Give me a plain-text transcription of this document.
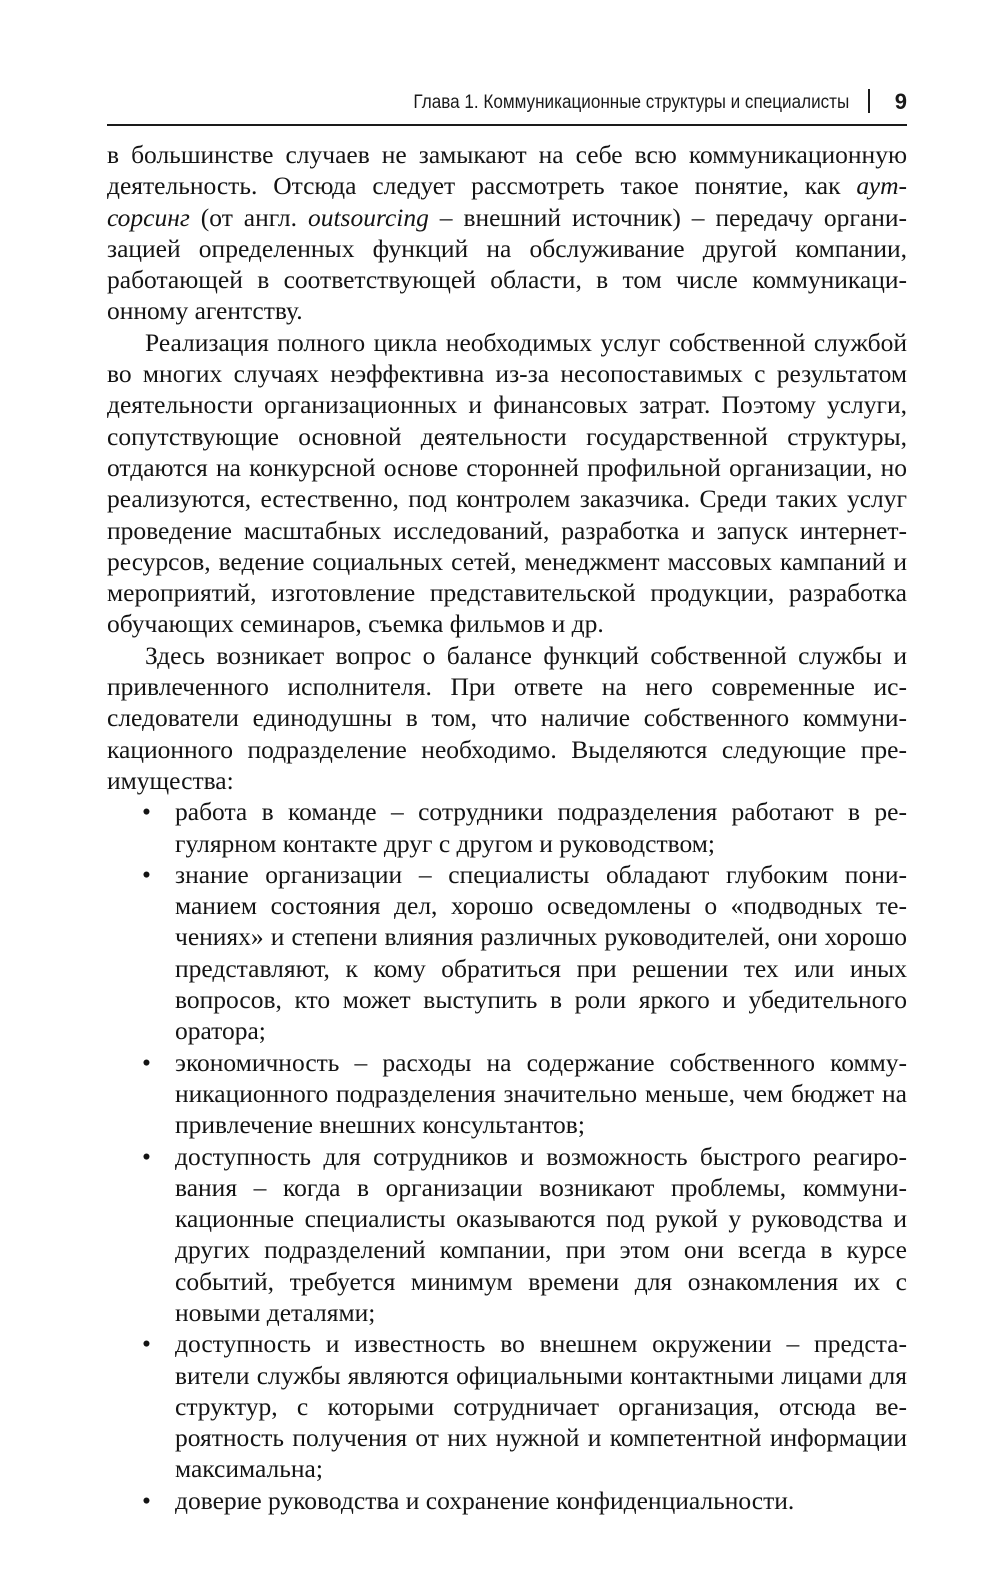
Глава 1. Коммуникационные структуры и специалисты 9

в большинстве случаев не замыкают на себе всю коммуникационную деятельность. Отсюда следует рассмотреть такое понятие, как аутсорсинг (от англ. outsourcing – внешний источник) – передачу организацией определенных функций на обслуживание другой компании, работающей в соответствующей области, в том числе коммуникационному агентству.

Реализация полного цикла необходимых услуг собственной службой во многих случаях неэффективна из-за несопоставимых с результатом деятельности организационных и финансовых затрат. Поэтому услуги, сопутствующие основной деятельности государственной структуры, отдаются на конкурсной основе сторонней профильной организации, но реализуются, естественно, под контролем заказчика. Среди таких услуг проведение масштабных исследований, разработка и запуск интернет-ресурсов, ведение социальных сетей, менеджмент массовых кампаний и мероприятий, изготовление представительской продукции, разработка обучающих семинаров, съемка фильмов и др.

Здесь возникает вопрос о балансе функций собственной службы и привлеченного исполнителя. При ответе на него современные исследователи единодушны в том, что наличие собственного коммуникационного подразделение необходимо. Выделяются следующие преимущества:

• работа в команде – сотрудники подразделения работают в регулярном контакте друг с другом и руководством;
• знание организации – специалисты обладают глубоким пониманием состояния дел, хорошо осведомлены о «подводных течениях» и степени влияния различных руководителей, они хорошо представляют, к кому обратиться при решении тех или иных вопросов, кто может выступить в роли яркого и убедительного оратора;
• экономичность – расходы на содержание собственного коммуникационного подразделения значительно меньше, чем бюджет на привлечение внешних консультантов;
• доступность для сотрудников и возможность быстрого реагирования – когда в организации возникают проблемы, коммуникационные специалисты оказываются под рукой у руководства и других подразделений компании, при этом они всегда в курсе событий, требуется минимум времени для ознакомления их с новыми деталями;
• доступность и известность во внешнем окружении – представители службы являются официальными контактными лицами для структур, с которыми сотрудничает организация, отсюда вероятность получения от них нужной и компетентной информации максимальна;
• доверие руководства и сохранение конфиденциальности.
